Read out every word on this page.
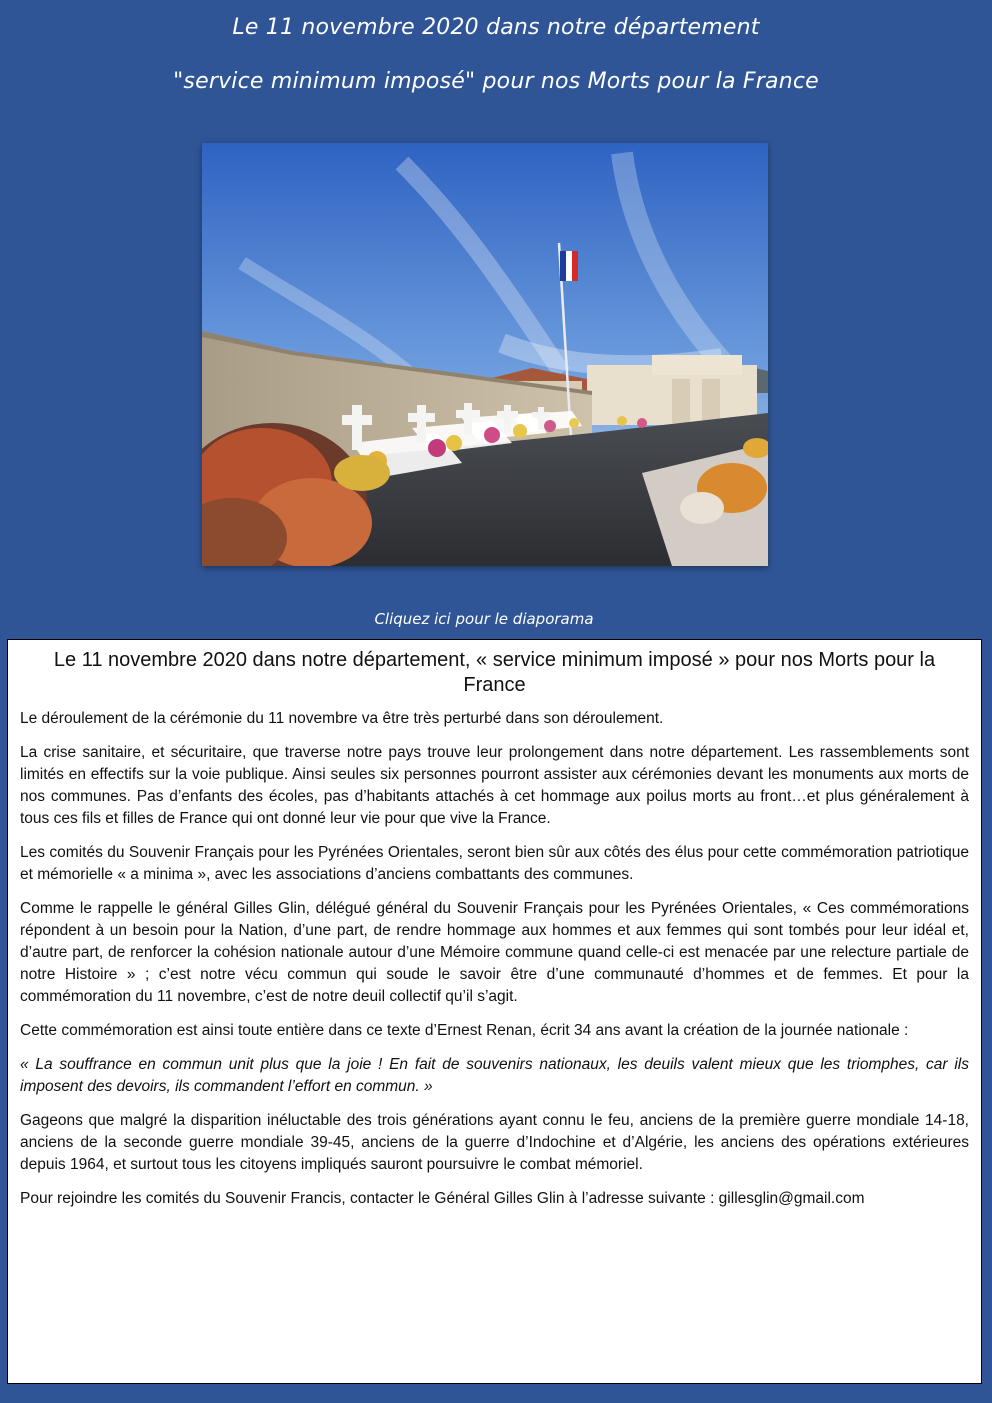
Le 11 novembre 2020 dans notre département
"service minimum imposé" pour nos Morts pour la France
Cliquez ici pour le diaporama
Le 11 novembre 2020 dans notre département, « service minimum imposé » pour nos Morts pour la France

Le déroulement de la cérémonie du 11 novembre va être très perturbé dans son déroulement.

La crise sanitaire, et sécuritaire, que traverse notre pays trouve leur prolongement dans notre département. Les rassemblements sont limités en effectifs sur la voie publique. Ainsi seules six personnes pourront assister aux cérémonies devant les monuments aux morts de nos communes. Pas d’enfants des écoles, pas d’habitants attachés à cet hommage aux poilus morts au front…et plus généralement à tous ces fils et filles de France qui ont donné leur vie pour que vive la France.

Les comités du Souvenir Français pour les Pyrénées Orientales, seront bien sûr aux côtés des élus pour cette commémoration patriotique et mémorielle « a minima », avec les associations d’anciens combattants des communes.

Comme le rappelle le général Gilles Glin, délégué général du Souvenir Français pour les Pyrénées Orientales, « Ces commémorations répondent à un besoin pour la Nation, d’une part, de rendre hommage aux hommes et aux femmes qui sont tombés pour leur idéal et, d’autre part, de renforcer la cohésion nationale autour d’une Mémoire commune quand celle-ci est menacée par une relecture partiale de notre Histoire » ; c’est notre vécu commun qui soude le savoir être d’une communauté d’hommes et de femmes. Et pour la commémoration du 11 novembre, c’est de notre deuil collectif qu’il s’agit.

Cette commémoration est ainsi toute entière dans ce texte d’Ernest Renan, écrit 34 ans avant la création de la journée nationale :

« La souffrance en commun unit plus que la joie ! En fait de souvenirs nationaux, les deuils valent mieux que les triomphes, car ils imposent des devoirs, ils commandent l’effort en commun. »

Gageons que malgré la disparition inéluctable des trois générations ayant connu le feu, anciens de la première guerre mondiale 14-18, anciens de la seconde guerre mondiale 39-45, anciens de la guerre d’Indochine et d’Algérie, les anciens des opérations extérieures depuis 1964, et surtout tous les citoyens impliqués sauront poursuivre le combat mémoriel.

Pour rejoindre les comités du Souvenir Francis, contacter le Général Gilles Glin à l’adresse suivante : gillesglin@gmail.com
